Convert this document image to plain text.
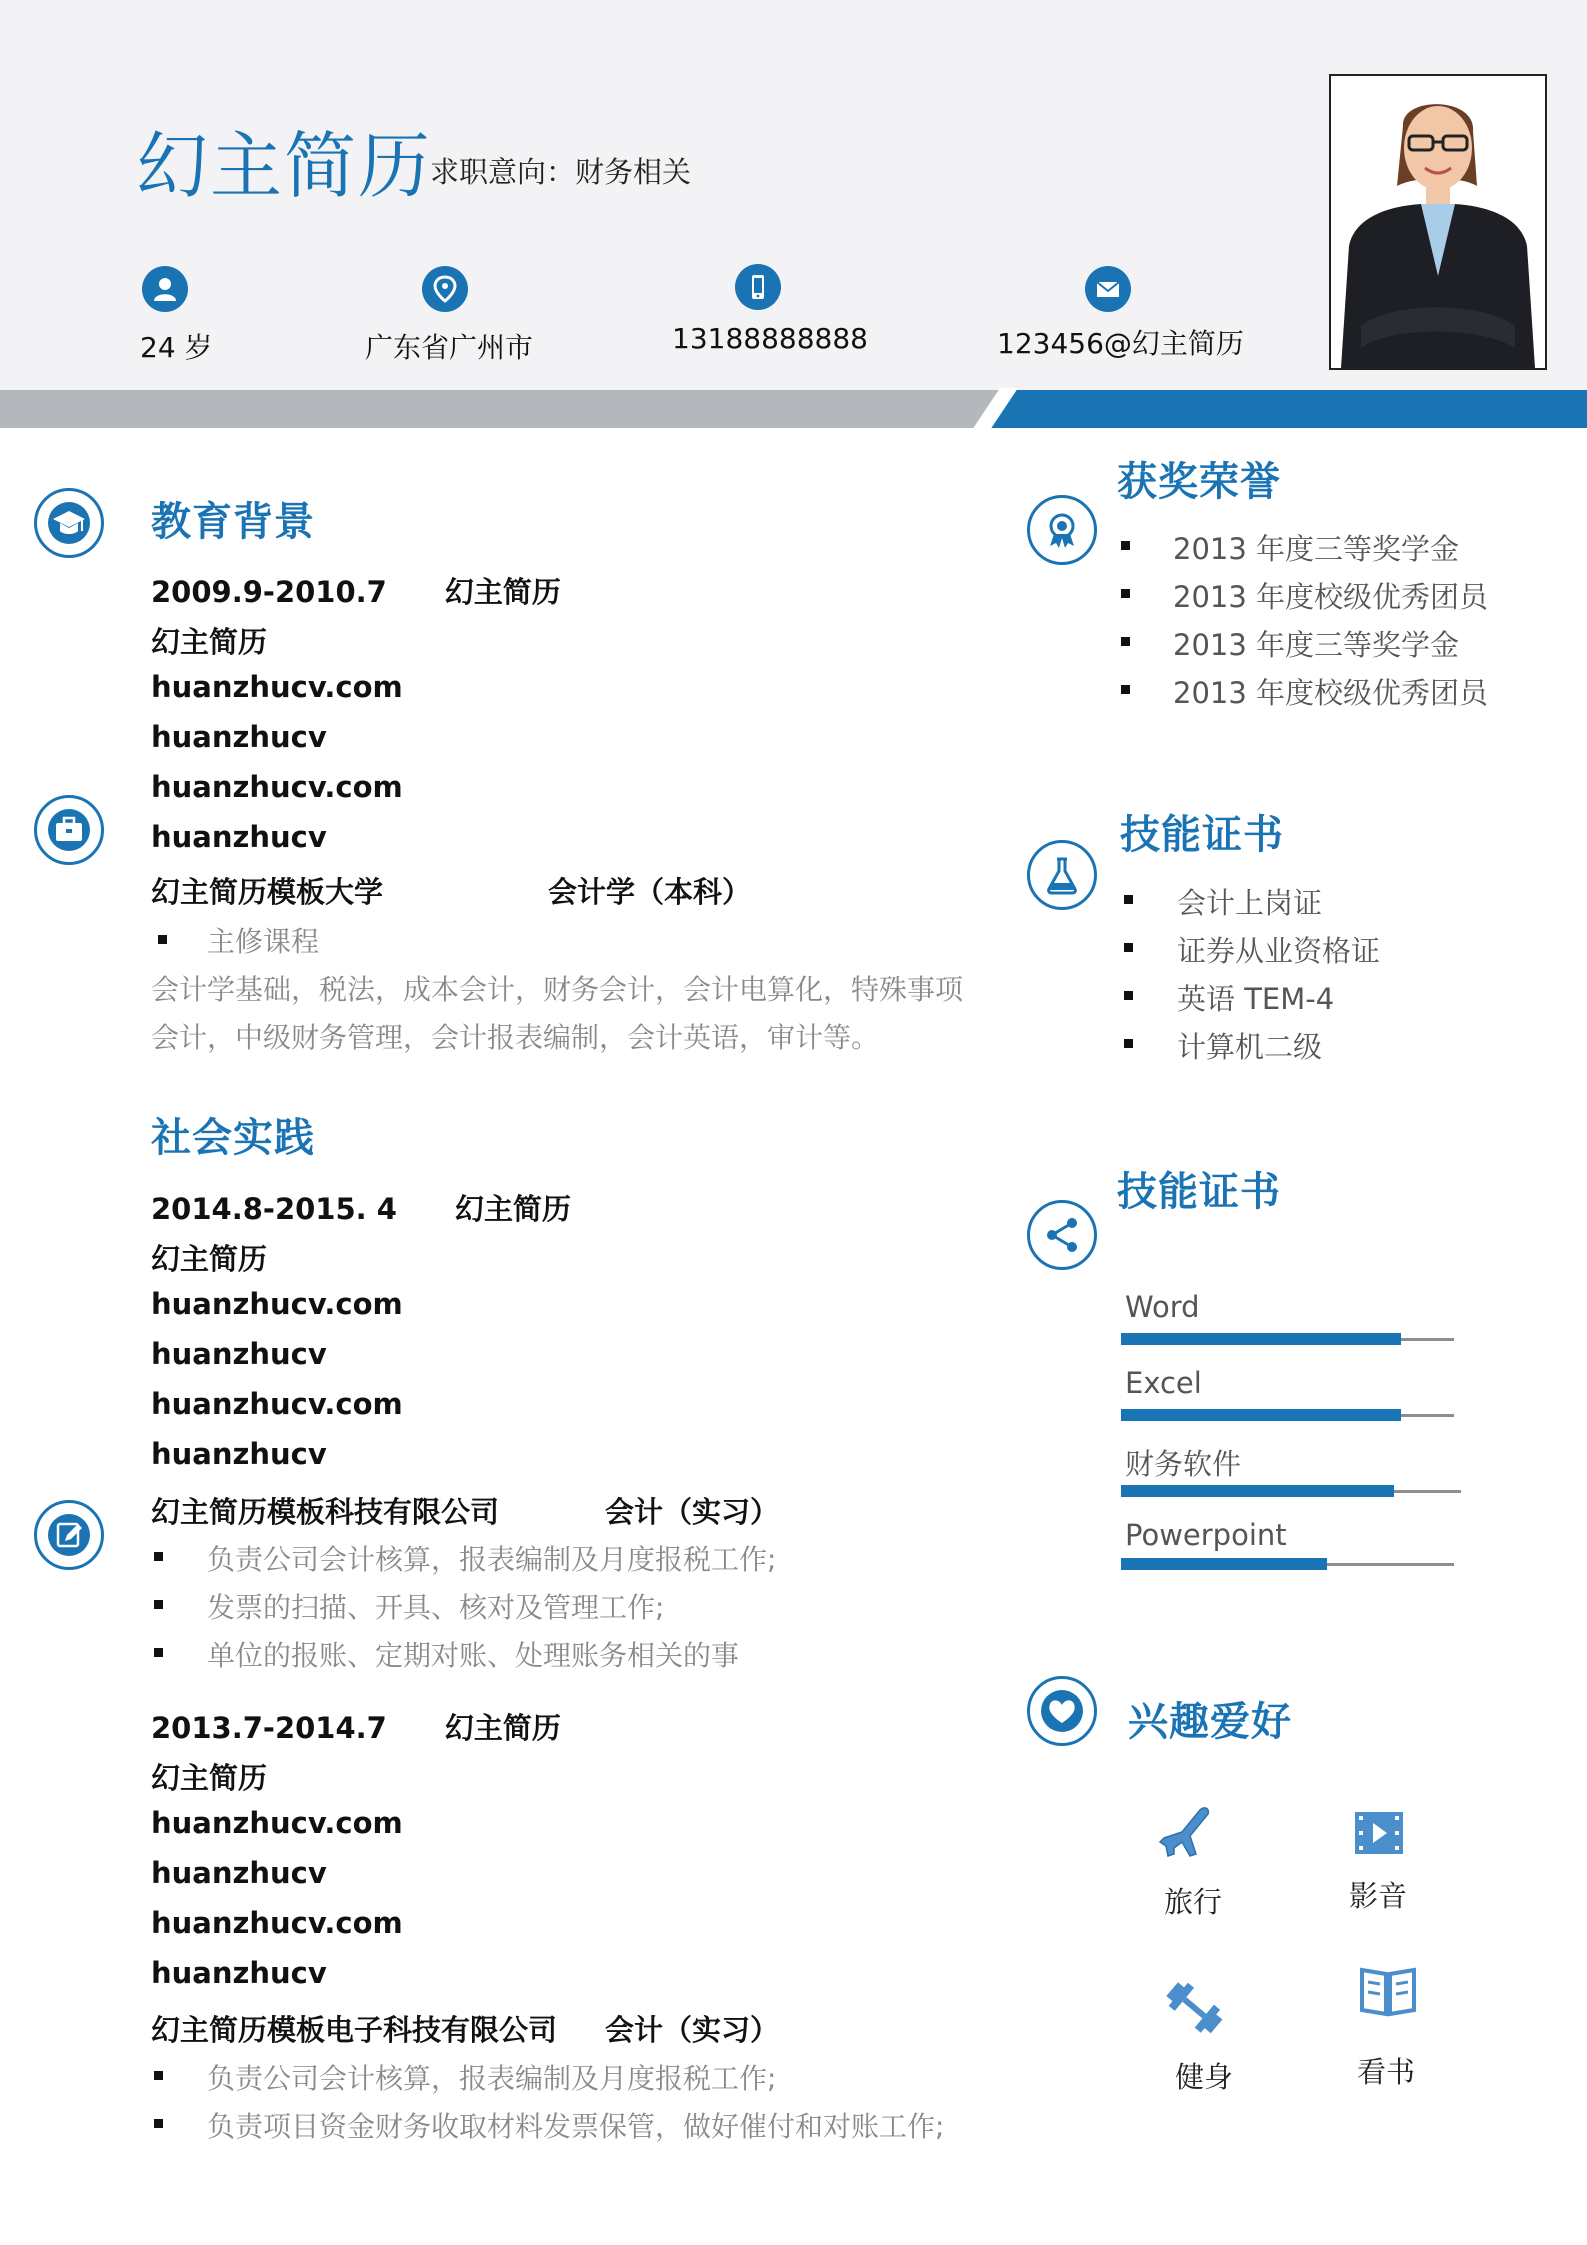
幻主简历
求职意向：财务相关
24 岁	广东省广州市	13188888888	123456@幻主简历
教育背景
2009.9-2010.7　　幻主简历
幻主简历
huanzhucv.com
huanzhucv
huanzhucv.com
huanzhucv
幻主简历模板大学	会计学（本科）
主修课程
会计学基础，税法，成本会计，财务会计，会计电算化，特殊事项
会计，中级财务管理，会计报表编制，会计英语，审计等。
社会实践
2014.8-2015. 4　　幻主简历
幻主简历
huanzhucv.com
huanzhucv
huanzhucv.com
huanzhucv
幻主简历模板科技有限公司	会计（实习）
负责公司会计核算，报表编制及月度报税工作;
发票的扫描、开具、核对及管理工作;
单位的报账、定期对账、处理账务相关的事
2013.7-2014.7　　幻主简历
幻主简历
huanzhucv.com
huanzhucv
huanzhucv.com
huanzhucv
幻主简历模板电子科技有限公司 会计（实习）
负责公司会计核算，报表编制及月度报税工作;
负责项目资金财务收取材料发票保管，做好催付和对账工作;
获奖荣誉
2013 年度三等奖学金
2013 年度校级优秀团员
2013 年度三等奖学金
2013 年度校级优秀团员
技能证书
会计上岗证
证券从业资格证
英语 TEM-4
计算机二级
技能证书
Word
Excel
财务软件
Powerpoint
兴趣爱好
旅行	影音
健身	看书
